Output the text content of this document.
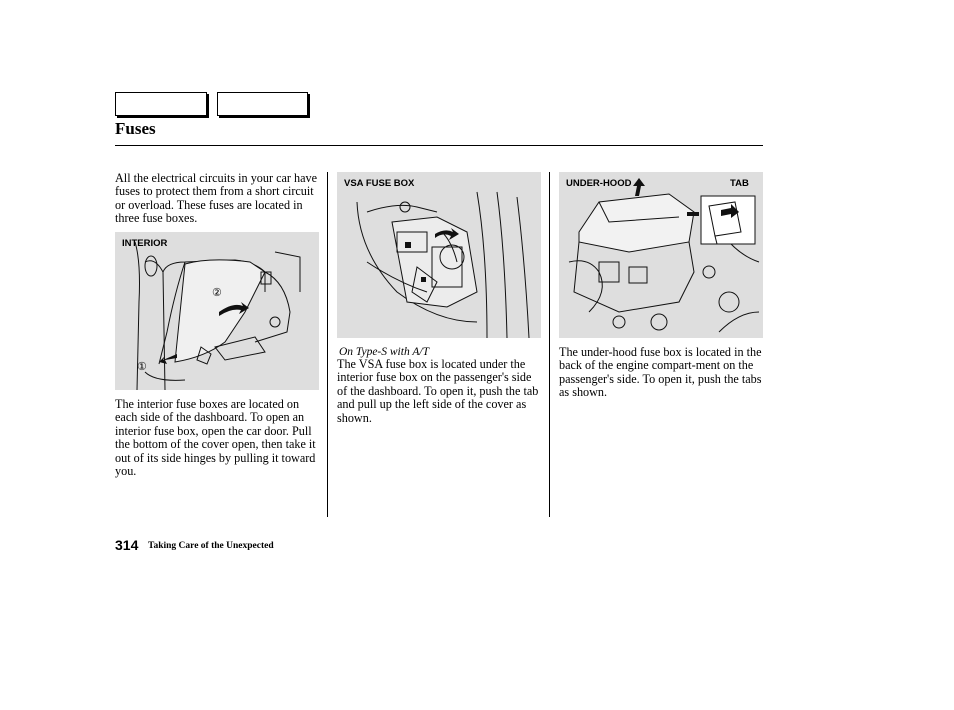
Fuses
All the electrical circuits in your car have fuses to protect them from a short circuit or overload. These fuses are located in three fuse boxes.
INTERIOR
②
①
The interior fuse boxes are located on each side of the dashboard. To open an interior fuse box, open the car door. Pull the bottom of the cover open, then take it out of its side hinges by pulling it toward you.
VSA FUSE BOX
On Type-S with A/T
The VSA fuse box is located under the interior fuse box on the passenger's side of the dashboard. To open it, push the tab and pull up the left side of the cover as shown.
UNDER-HOOD	TAB
The under-hood fuse box is located in the back of the engine compart-ment on the passenger's side. To open it, push the tabs as shown.
314 Taking Care of the Unexpected
